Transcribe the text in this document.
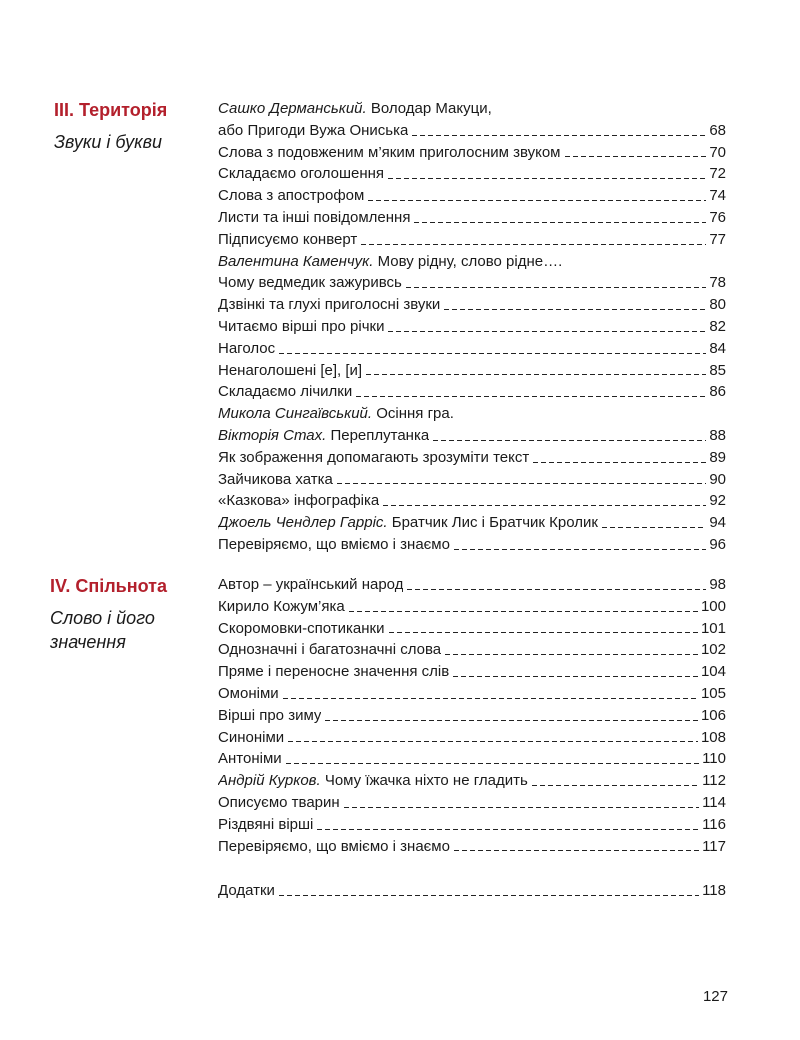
III. Територія
Звуки і букви
Сашко Дерманський. Володар Макуци,
або Пригоди Вужа Ониська	68
Слова з подовженим м’яким приголосним звуком	70
Складаємо оголошення	72
Слова з апострофом	74
Листи та інші повідомлення	76
Підписуємо конверт	77
Валентина Каменчук. Мову рідну, слово рідне….
Чому ведмедик зажуривсь	78
Дзвінкі та глухі приголосні звуки	80
Читаємо вірші про річки	82
Наголос	84
Ненаголошені [е], [и]	85
Складаємо лічилки	86
Микола Сингаївський. Осіння гра.
Вікторія Стах. Переплутанка	88
Як зображення допомагають зрозуміти текст	89
Зайчикова хатка	90
«Казкова» інфографіка	92
Джоель Чендлер Гарріс. Братчик Лис і Братчик Кролик	94
Перевіряємо, що вміємо і знаємо	96
IV. Спільнота
Слово і його значення
Автор – український народ	98
Кирило Кожум’яка	100
Скоромовки-спотиканки	101
Однозначні і багатозначні слова	102
Пряме і переносне значення слів	104
Омоніми	105
Вірші про зиму	106
Синоніми	108
Антоніми	110
Андрій Курков. Чому їжачка ніхто не гладить	112
Описуємо тварин	114
Різдвяні вірші	116
Перевіряємо, що вміємо і знаємо	117
Додатки	118
127
